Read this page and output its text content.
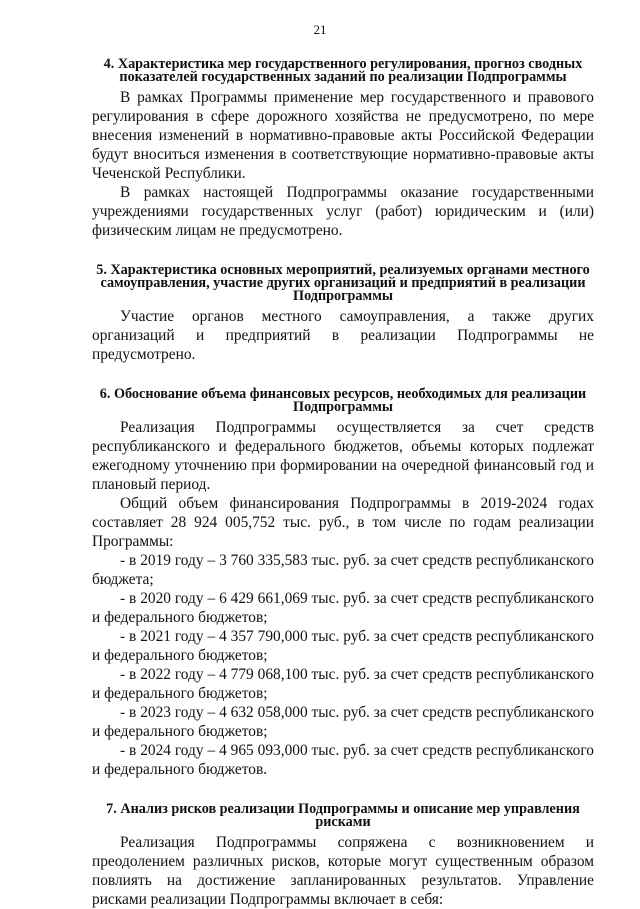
21
4. Характеристика мер государственного регулирования, прогноз сводных показателей государственных заданий по реализации Подпрограммы

В рамках Программы применение мер государственного и правового регулирования в сфере дорожного хозяйства не предусмотрено, по мере внесения изменений в нормативно-правовые акты Российской Федерации будут вноситься изменения в соответствующие нормативно-правовые акты Чеченской Республики.

В рамках настоящей Подпрограммы оказание государственными учреждениями государственных услуг (работ) юридическим и (или) физическим лицам не предусмотрено.

5. Характеристика основных мероприятий, реализуемых органами местного самоуправления, участие других организаций и предприятий в реализации Подпрограммы

Участие органов местного самоуправления, а также других организаций и предприятий в реализации Подпрограммы не предусмотрено.

6. Обоснование объема финансовых ресурсов, необходимых для реализации Подпрограммы

Реализация Подпрограммы осуществляется за счет средств республиканского и федерального бюджетов, объемы которых подлежат ежегодному уточнению при формировании на очередной финансовый год и плановый период.

Общий объем финансирования Подпрограммы в 2019-2024 годах составляет 28 924 005,752 тыс. руб., в том числе по годам реализации Программы:

- в 2019 году – 3 760 335,583 тыс. руб. за счет средств республиканского бюджета;

- в 2020 году – 6 429 661,069 тыс. руб. за счет средств республиканского и федерального бюджетов;

- в 2021 году – 4 357 790,000 тыс. руб. за счет средств республиканского и федерального бюджетов;

- в 2022 году – 4 779 068,100 тыс. руб. за счет средств республиканского и федерального бюджетов;

- в 2023 году – 4 632 058,000 тыс. руб. за счет средств республиканского и федерального бюджетов;

- в 2024 году – 4 965 093,000 тыс. руб. за счет средств республиканского и федерального бюджетов.

7. Анализ рисков реализации Подпрограммы и описание мер управления рисками

Реализация Подпрограммы сопряжена с возникновением и преодолением различных рисков, которые могут существенным образом повлиять на достижение запланированных результатов. Управление рисками реализации Подпрограммы включает в себя:
